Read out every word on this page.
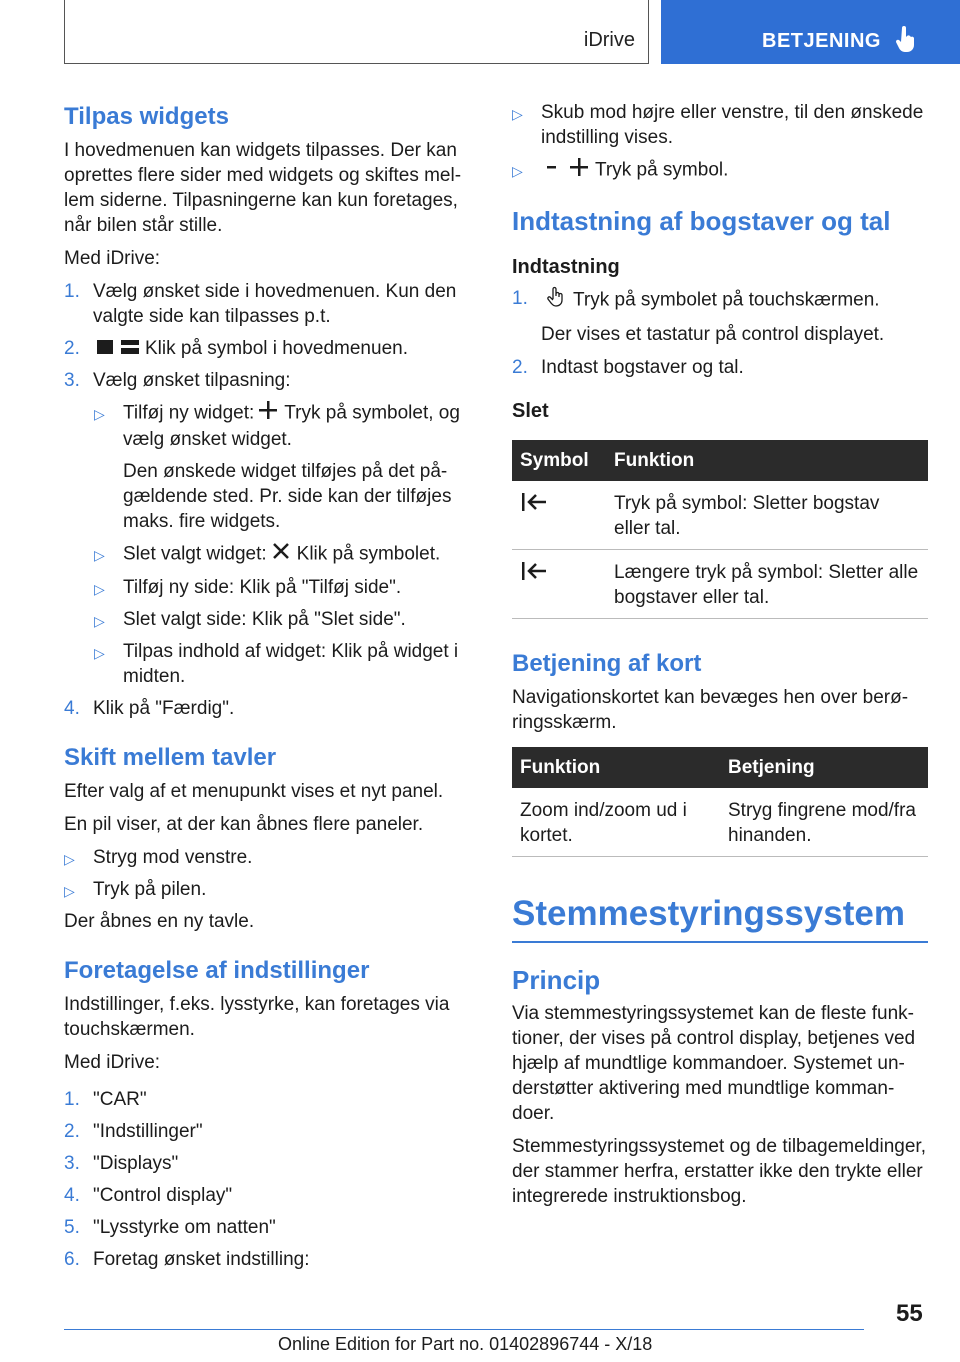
iDrive	BETJENING
Tilpas widgets

I hovedmenuen kan widgets tilpasses. Der kan oprettes flere sider med widgets og skiftes mellem siderne. Tilpasningerne kan kun foretages, når bilen står stille.

Med iDrive:

1. Vælg ønsket side i hovedmenuen. Kun den valgte side kan tilpasses p.t.
2.	Klik på symbol i hovedmenuen.
3. Vælg ønsket tilpasning:
▷ Tilføj ny widget: Tryk på symbolet, og vælg ønsket widget.
Den ønskede widget tilføjes på det pågældende sted. Pr. side kan der tilføjes maks. fire widgets.
▷ Slet valgt widget: Klik på symbolet.
▷ Tilføj ny side: Klik på "Tilføj side".
▷ Slet valgt side: Klik på "Slet side".
▷ Tilpas indhold af widget: Klik på widget i midten.
4. Klik på "Færdig".
Skift mellem tavler

Efter valg af et menupunkt vises et nyt panel.

En pil viser, at der kan åbnes flere paneler.

▷ Stryg mod venstre.
▷ Tryk på pilen.

Der åbnes en ny tavle.

Foretagelse af indstillinger

Indstillinger, f.eks. lysstyrke, kan foretages via touchskærmen.

Med iDrive:

1. "CAR"
2. "Indstillinger"
3. "Displays"
4. "Control display"
5. "Lysstyrke om natten"
6. Foretag ønsket indstilling:
▷ Skub mod højre eller venstre, til den ønskede indstilling vises.
▷	Tryk på symbol.
Indtastning af bogstaver og tal
Indtastning
1.	Tryk på symbolet på touchskærmen.

Der vises et tastatur på control displayet.

2. Indtast bogstaver og tal.
Slet
Symbol	Funktion
	Tryk på symbol: Sletter bogstav eller tal.
	Længere tryk på symbol: Sletter alle bogstaver eller tal.
Betjening af kort

Navigationskortet kan bevæges hen over berøringsskærm.

Funktion	Betjening
Zoom ind/zoom ud i kortet.	Stryg fingrene mod/fra hinanden.
Stemmestyringssystem
Princip

Via stemmestyringssystemet kan de fleste funktioner, der vises på control display, betjenes ved hjælp af mundtlige kommandoer. Systemet understøtter aktivering med mundtlige kommandoer.

Stemmestyringssystemet og de tilbagemeldinger, der stammer herfra, erstatter ikke den trykte eller integrerede instruktionsbog.

55
Online Edition for Part no. 01402896744 - X/18
